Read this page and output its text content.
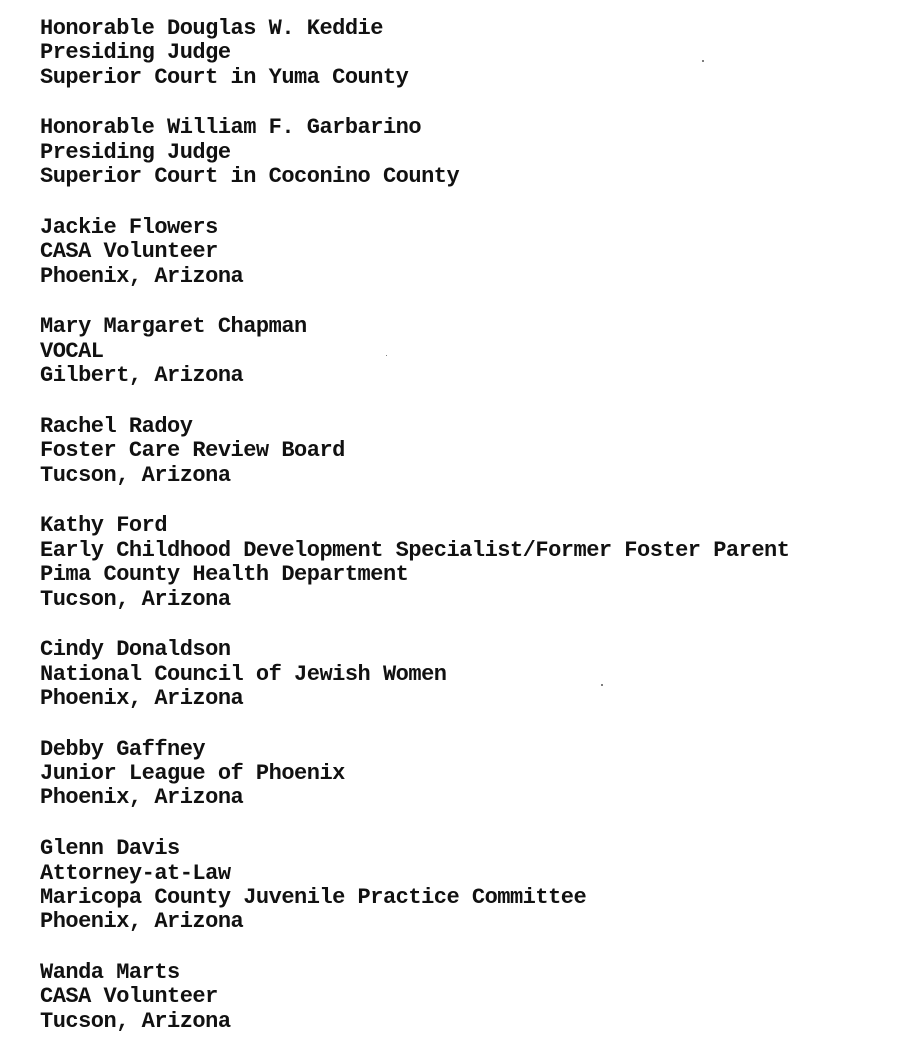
Honorable Douglas W. Keddie
Presiding Judge
Superior Court in Yuma County
Honorable William F. Garbarino
Presiding Judge
Superior Court in Coconino County
Jackie Flowers
CASA Volunteer
Phoenix, Arizona
Mary Margaret Chapman
VOCAL
Gilbert, Arizona
Rachel Radoy
Foster Care Review Board
Tucson, Arizona
Kathy Ford
Early Childhood Development Specialist/Former Foster Parent
Pima County Health Department
Tucson, Arizona
Cindy Donaldson
National Council of Jewish Women
Phoenix, Arizona
Debby Gaffney
Junior League of Phoenix
Phoenix, Arizona
Glenn Davis
Attorney-at-Law
Maricopa County Juvenile Practice Committee
Phoenix, Arizona
Wanda Marts
CASA Volunteer
Tucson, Arizona
